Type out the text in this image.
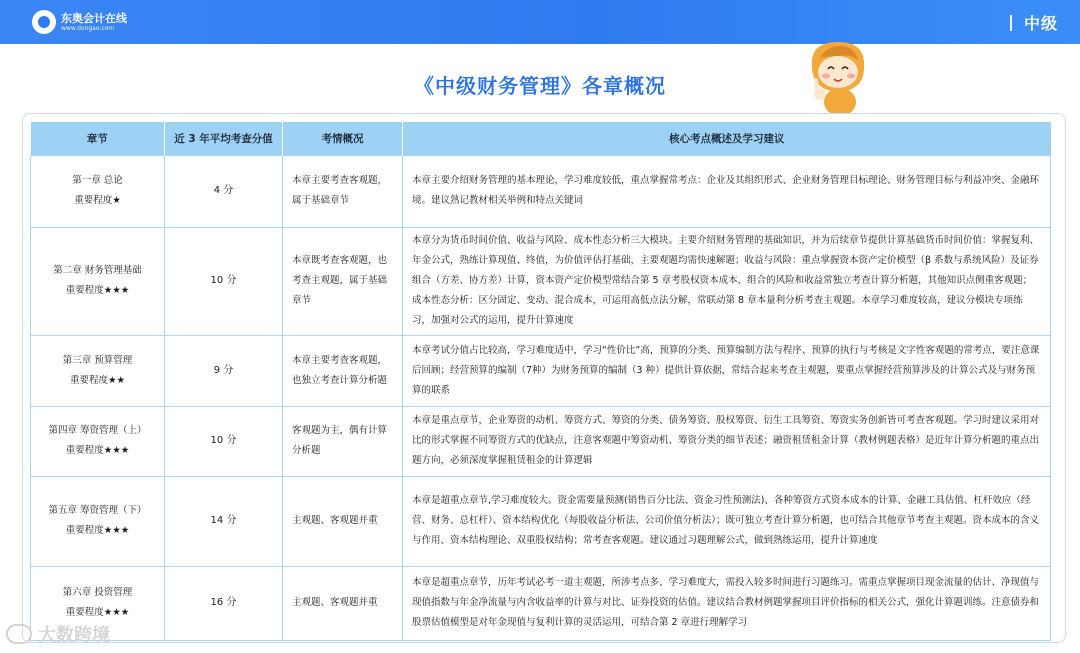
东奥会计在线
www.dongao.com	中级
《中级财务管理》各章概况
章节	近 3 年平均考查分值	考情概况	核心考点概述及学习建议

第一章 总论
重要程度★	4 分	本章主要考查客观题，属于基础章节	本章主要介绍财务管理的基本理论，学习难度较低，重点掌握常考点：企业及其组织形式、企业财务管理目标理论、财务管理目标与利益冲突、金融环境。建议熟记教材相关举例和特点关键词

第二章 财务管理基础
重要程度★★★	10 分	本章既考查客观题，也考查主观题，属于基础章节	本章分为货币时间价值、收益与风险、成本性态分析三大模块。主要介绍财务管理的基础知识，并为后续章节提供计算基础货币时间价值：掌握复利、年金公式，熟练计算现值、终值，为价值评估打基础，主要观题均需快速解题；收益与风险：重点掌握资本资产定价模型（β 系数与系统风险）及证券组合（方差、协方差）计算，资本资产定价模型常结合第 5 章考股权资本成本，组合的风险和收益常独立考查计算分析题，其他知识点侧重客观题；成本性态分析：区分固定、变动、混合成本，可运用高低点法分解，常联动第 8 章本量利分析考查主观题。本章学习难度较高，建议分模块专项练习，加强对公式的运用，提升计算速度

第三章 预算管理
重要程度★★	9 分	本章主要考查客观题，也独立考查计算分析题	本章考试分值占比较高，学习难度适中，学习“性价比”高，预算的分类、预算编制方法与程序、预算的执行与考核是文字性客观题的常考点，要注意课后回顾；经营预算的编制（7种）为财务预算的编制（3 种）提供计算依据，常结合起来考查主观题，要重点掌握经营预算涉及的计算公式及与财务预算的联系

第四章 筹资管理（上）
重要程度★★★	10 分	客观题为主，偶有计算分析题	本章是重点章节，企业筹资的动机、筹资方式、筹资的分类、债务筹资、股权筹资、衍生工具筹资、筹资实务创新皆可考查客观题。学习时建议采用对比的形式掌握不同筹资方式的优缺点，注意客观题中筹资动机、筹资分类的细节表述；融资租赁租金计算（教材例题表格）是近年计算分析题的重点出题方向，必须深度掌握租赁租金的计算逻辑

第五章 筹资管理（下）
重要程度★★★	14 分	主观题、客观题并重	本章是超重点章节,学习难度较大。资金需要量预测(销售百分比法、资金习性预测法)、各种筹资方式资本成本的计算、金融工具估值、杠杆效应（经营、财务、总杠杆）、资本结构优化（每股收益分析法、公司价值分析法）；既可独立考查计算分析题，也可结合其他章节考查主观题。资本成本的含义与作用、资本结构理论、双重股权结构；常考查客观题。建议通过习题理解公式，做到熟练运用，提升计算速度

第六章 投资管理
重要程度★★★	16 分	主观题、客观题并重	本章是超重点章节，历年考试必考一道主观题，所涉考点多、学习难度大，需投入较多时间进行习题练习。需重点掌握项目现金流量的估计、净现值与现值指数与年金净流量与内含收益率的计算与对比、证券投资的估值。建议结合教材例题掌握项目评价指标的相关公式，强化计算题训练。注意债券和股票估值模型是对年金现值与复利计算的灵活运用，可结合第 2 章进行理解学习
大数跨境
